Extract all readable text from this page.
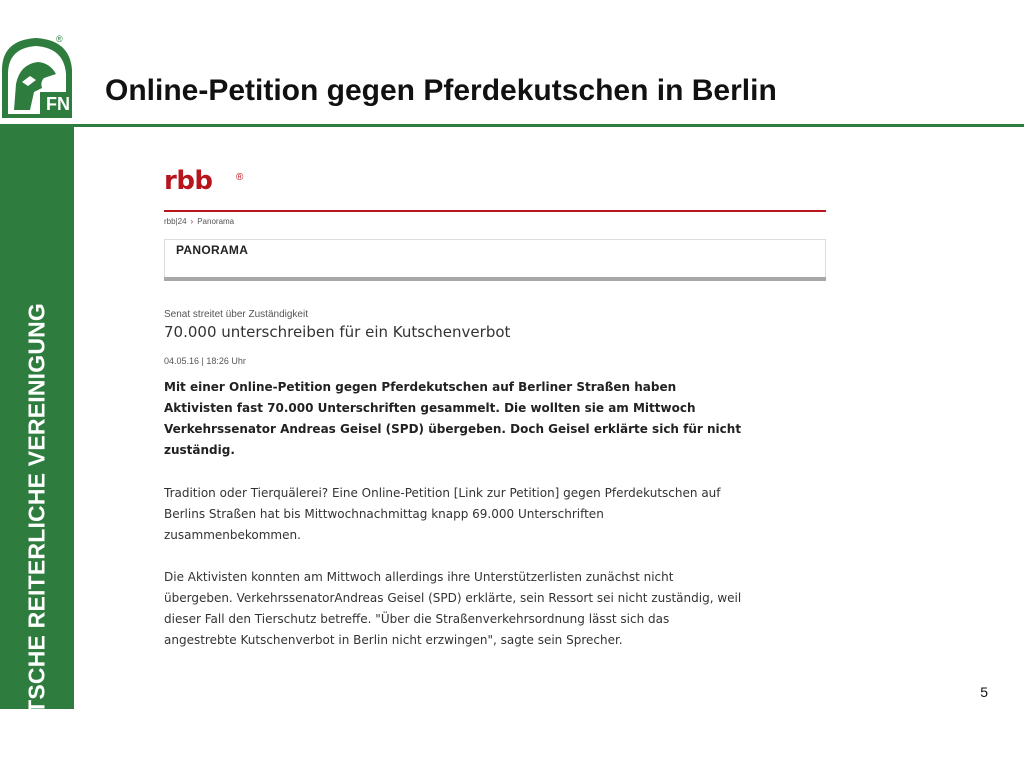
FN
®
Online-Petition gegen Pferdekutschen in Berlin
DEUTSCHE REITERLICHE VEREINIGUNG
rbb ®
rbb|24 › Panorama
PANORAMA
Senat streitet über Zuständigkeit
70.000 unterschreiben für ein Kutschenverbot
04.05.16 | 18:26 Uhr
Mit einer Online-Petition gegen Pferdekutschen auf Berliner Straßen haben Aktivisten fast 70.000 Unterschriften gesammelt. Die wollten sie am Mittwoch Verkehrssenator Andreas Geisel (SPD) übergeben. Doch Geisel erklärte sich für nicht zuständig.
Tradition oder Tierquälerei? Eine Online-Petition [Link zur Petition] gegen Pferdekutschen auf Berlins Straßen hat bis Mittwochnachmittag knapp 69.000 Unterschriften zusammenbekommen.
Die Aktivisten konnten am Mittwoch allerdings ihre Unterstützerlisten zunächst nicht übergeben. VerkehrssenatorAndreas Geisel (SPD) erklärte, sein Ressort sei nicht zuständig, weil dieser Fall den Tierschutz betreffe. "Über die Straßenverkehrsordnung lässt sich das angestrebte Kutschenverbot in Berlin nicht erzwingen", sagte sein Sprecher.
5
